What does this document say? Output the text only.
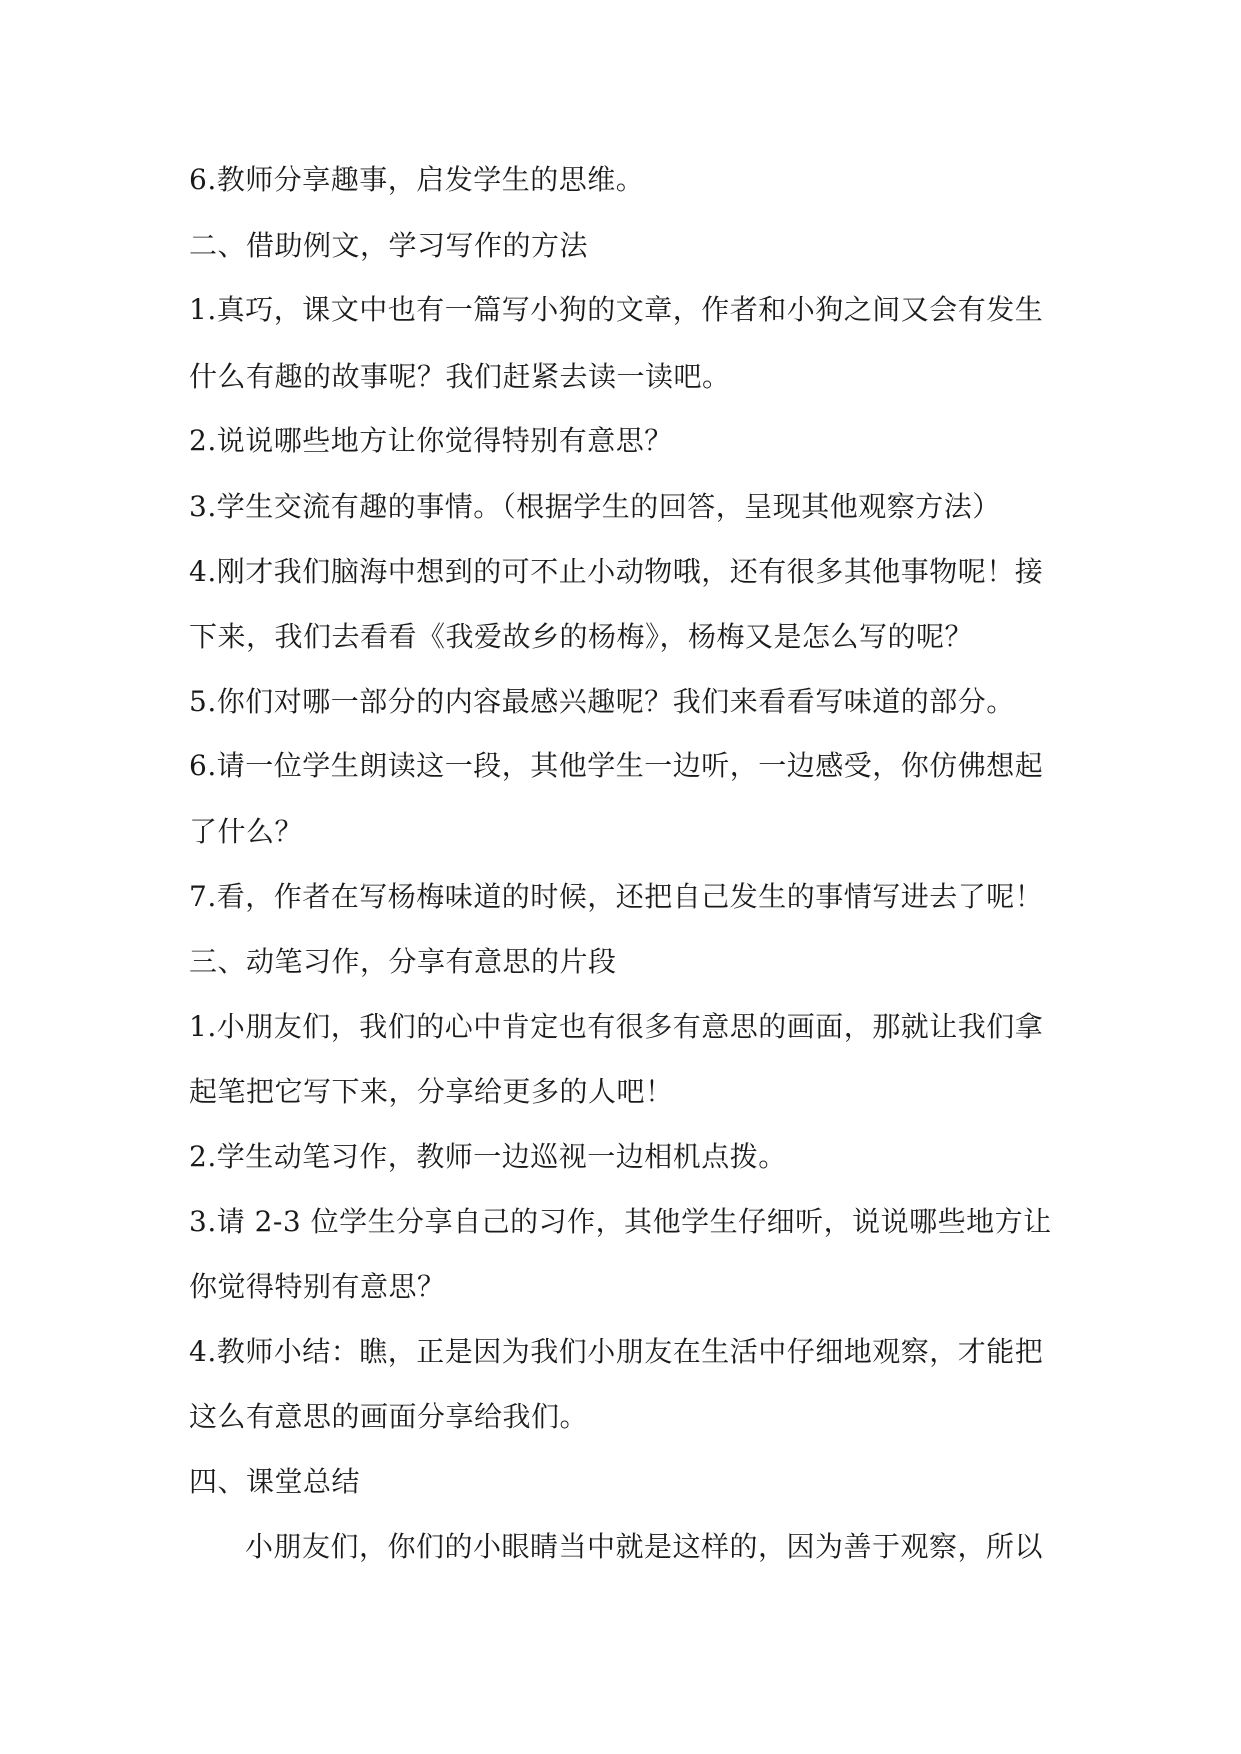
6.教师分享趣事，启发学生的思维。
二、借助例文，学习写作的方法
1.真巧，课文中也有一篇写小狗的文章，作者和小狗之间又会有发生
什么有趣的故事呢？我们赶紧去读一读吧。
2.说说哪些地方让你觉得特别有意思？
3.学生交流有趣的事情。（根据学生的回答，呈现其他观察方法）
4.刚才我们脑海中想到的可不止小动物哦，还有很多其他事物呢！接
下来，我们去看看《我爱故乡的杨梅》，杨梅又是怎么写的呢？
5.你们对哪一部分的内容最感兴趣呢？我们来看看写味道的部分。
6.请一位学生朗读这一段，其他学生一边听，一边感受，你仿佛想起
了什么？
7.看，作者在写杨梅味道的时候，还把自己发生的事情写进去了呢！
三、动笔习作，分享有意思的片段
1.小朋友们，我们的心中肯定也有很多有意思的画面，那就让我们拿
起笔把它写下来，分享给更多的人吧！
2.学生动笔习作，教师一边巡视一边相机点拨。
3.请 2-3 位学生分享自己的习作，其他学生仔细听，说说哪些地方让
你觉得特别有意思？
4.教师小结：瞧，正是因为我们小朋友在生活中仔细地观察，才能把
这么有意思的画面分享给我们。
四、课堂总结
小朋友们，你们的小眼睛当中就是这样的，因为善于观察，所以
